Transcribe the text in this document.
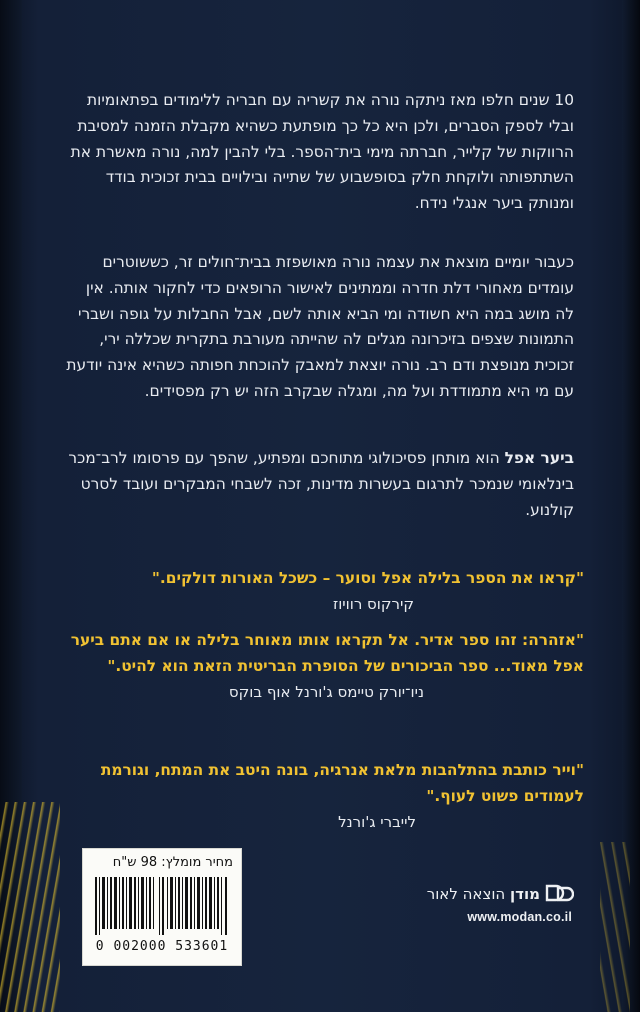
10 שנים חלפו מאז ניתקה נורה את קשריה עם חבריה ללימודים בפתאומיות ובלי לספק הסברים, ולכן היא כל כך מופתעת כשהיא מקבלת הזמנה למסיבת הרווקות של קלייר, חברתה מימי בית־הספר. בלי להבין למה, נורה מאשרת את השתתפותה ולוקחת חלק בסופשבוע של שתייה ובילויים בבית זכוכית בודד ומנותק ביער אנגלי נידח.

כעבור יומיים מוצאת את עצמה נורה מאושפזת בבית־חולים זר, כששוטרים עומדים מאחורי דלת חדרה וממתינים לאישור הרופאים כדי לחקור אותה. אין לה מושג במה היא חשודה ומי הביא אותה לשם, אבל החבלות על גופה ושברי התמונות שצפים בזיכרונה מגלים לה שהייתה מעורבת בתקרית שכללה ירי, זכוכית מנופצת ודם רב. נורה יוצאת למאבק להוכחת חפותה כשהיא אינה יודעת עם מי היא מתמודדת ועל מה, ומגלה שבקרב הזה יש רק מפסידים.

ביער אפל הוא מותחן פסיכולוגי מתוחכם ומפתיע, שהפך עם פרסומו לרב־מכר בינלאומי שנמכר לתרגום בעשרות מדינות, זכה לשבחי המבקרים ועובד לסרט קולנוע.

"קראו את הספר בלילה אפל וסוער – כשכל האורות דולקים."

קירקוס רוויוז

"אזהרה: זהו ספר אדיר. אל תקראו אותו מאוחר בלילה או אם אתם ביער אפל מאוד... ספר הביכורים של הסופרת הבריטית הזאת הוא להיט."

ניו־יורק טיימס ג'ורנל אוף בוקס

"וייר כותבת בהתלהבות מלאת אנרגיה, בונה היטב את המתח, וגורמת לעמודים פשוט לעוף."

לייברי ג'ורנל

מחיר מומלץ: 98 ש"ח
0 002000 533601
מודן הוצאה לאור
www.modan.co.il
